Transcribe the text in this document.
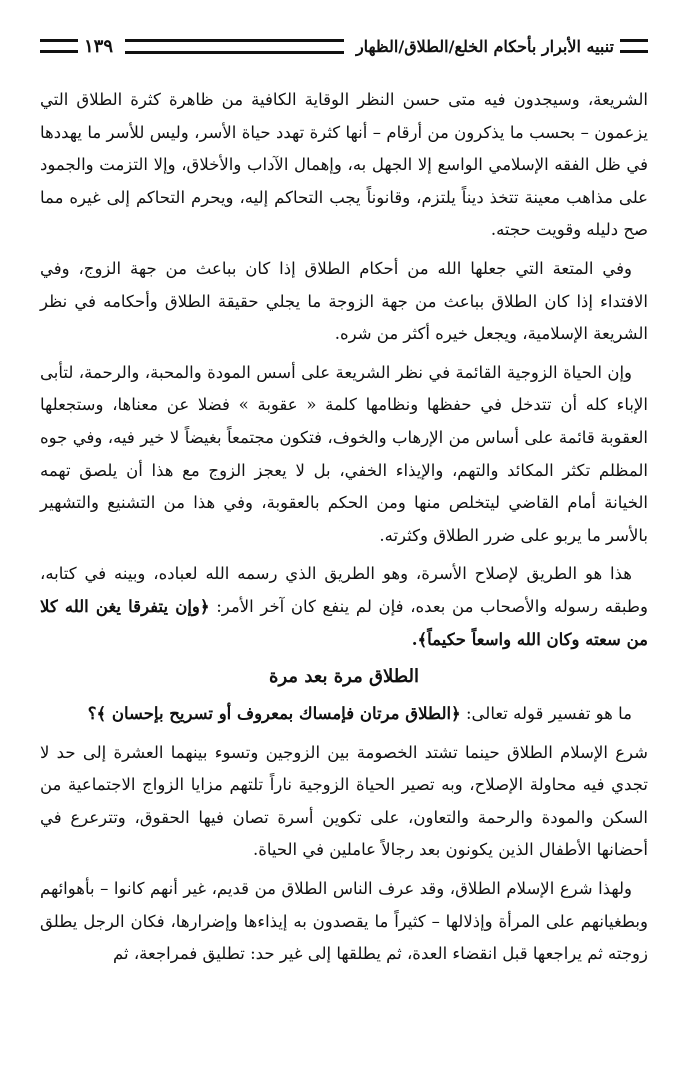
تنبيه الأبرار بأحكام الخلع/الطلاق/الظهار
١٣٩

الشريعة، وسيجدون فيه متى حسن النظر الوقاية الكافية من ظاهرة كثرة الطلاق التي يزعمون – بحسب ما يذكرون من أرقام – أنها كثرة تهدد حياة الأسر، وليس للأسر ما يهددها في ظل الفقه الإسلامي الواسع إلا الجهل به، وإهمال الآداب والأخلاق، وإلا التزمت والجمود على مذاهب معينة تتخذ ديناً يلتزم، وقانوناً يجب التحاكم إليه، ويحرم التحاكم إلى غيره مما صح دليله وقويت حجته.

وفي المتعة التي جعلها الله من أحكام الطلاق إذا كان بباعث من جهة الزوج، وفي الافتداء إذا كان الطلاق بباعث من جهة الزوجة ما يجلي حقيقة الطلاق وأحكامه في نظر الشريعة الإسلامية، ويجعل خيره أكثر من شره.

وإن الحياة الزوجية القائمة في نظر الشريعة على أسس المودة والمحبة، والرحمة، لتأبى الإباء كله أن تتدخل في حفظها ونظامها كلمة « عقوبة » فضلا عن معناها، وستجعلها العقوبة قائمة على أساس من الإرهاب والخوف، فتكون مجتمعاً بغيضاً لا خير فيه، وفي جوه المظلم تكثر المكائد والتهم، والإيذاء الخفي، بل لا يعجز الزوج مع هذا أن يلصق تهمه الخيانة أمام القاضي ليتخلص منها ومن الحكم بالعقوبة، وفي هذا من التشنيع والتشهير بالأسر ما يربو على ضرر الطلاق وكثرته.

هذا هو الطريق لإصلاح الأسرة، وهو الطريق الذي رسمه الله لعباده، وبينه في كتابه، وطبقه رسوله والأصحاب من بعده، فإن لم ينفع كان آخر الأمر: ﴿وإن يتفرقا يغن الله كلا من سعته وكان الله واسعاً حكيماً﴾.

الطلاق مرة بعد مرة

ما هو تفسير قوله تعالى: ﴿الطلاق مرتان فإمساك بمعروف أو تسريح بإحسان ﴾؟

شرع الإسلام الطلاق حينما تشتد الخصومة بين الزوجين وتسوء بينهما العشرة إلى حد لا تجدي فيه محاولة الإصلاح، وبه تصير الحياة الزوجية ناراً تلتهم مزايا الزواج الاجتماعية من السكن والمودة والرحمة والتعاون، على تكوين أسرة تصان فيها الحقوق، وتترعرع في أحضانها الأطفال الذين يكونون بعد رجالاً عاملين في الحياة.

ولهذا شرع الإسلام الطلاق، وقد عرف الناس الطلاق من قديم، غير أنهم كانوا – بأهوائهم وبطغيانهم على المرأة وإذلالها – كثيراً ما يقصدون به إيذاءها وإضرارها، فكان الرجل يطلق زوجته ثم يراجعها قبل انقضاء العدة، ثم يطلقها إلى غير حد: تطليق فمراجعة، ثم
